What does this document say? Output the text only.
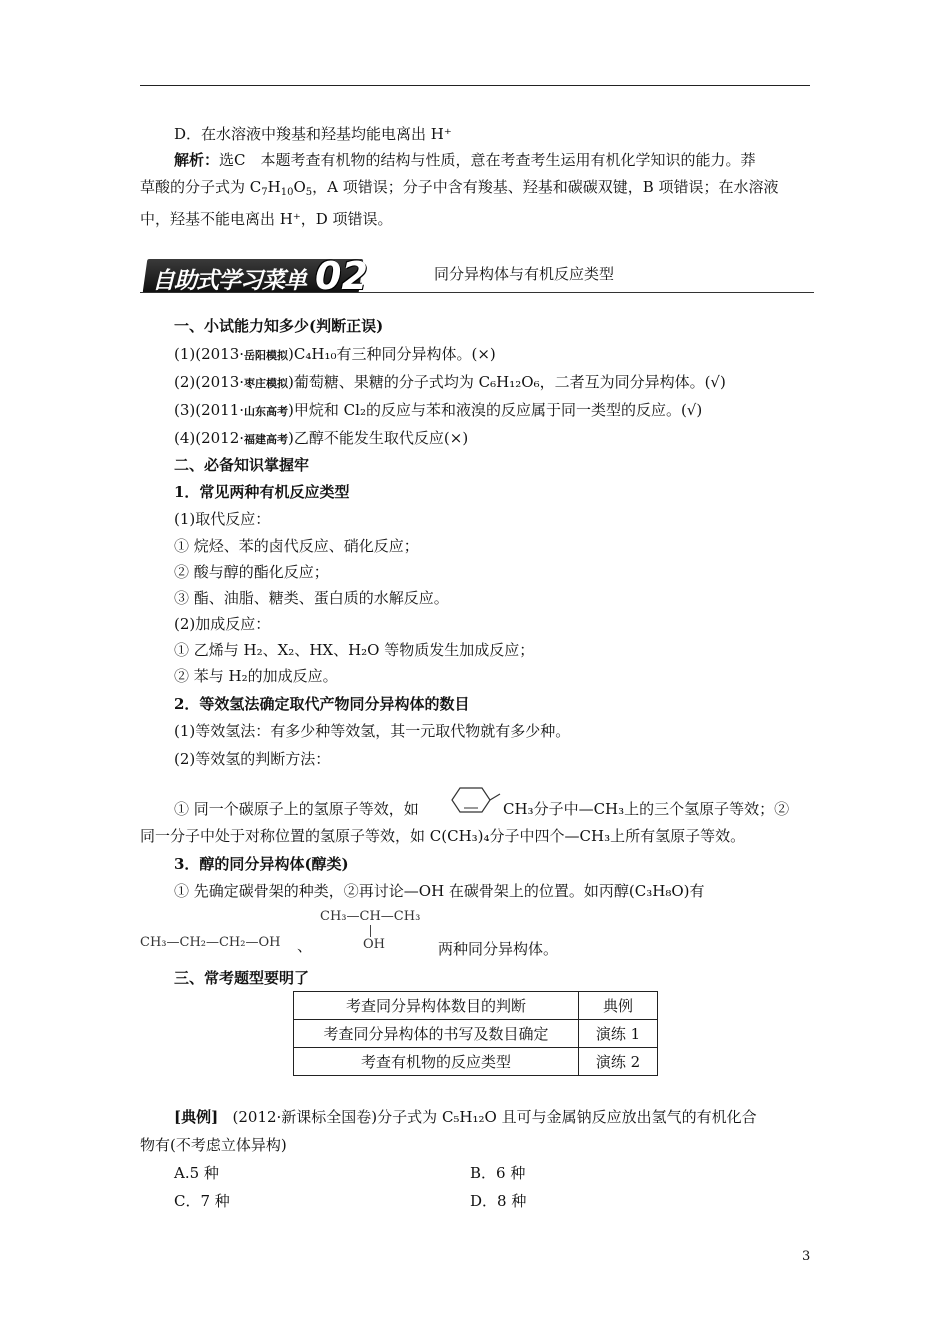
D．在水溶液中羧基和羟基均能电离出 H⁺
解析：选C　本题考查有机物的结构与性质，意在考查考生运用有机化学知识的能力。莽
草酸的分子式为 $C_7H_{10}O_5$，A 项错误；分子中含有羧基、羟基和碳碳双键，B 项错误；在水溶液
中，羟基不能电离出 H⁺，D 项错误。
自助式学习菜单 02	同分异构体与有机反应类型
一、小试能力知多少(判断正误)
(1)(2013·岳阳模拟)C₄H₁₀有三种同分异构体。(×)
(2)(2013·枣庄模拟)葡萄糖、果糖的分子式均为 C₆H₁₂O₆，二者互为同分异构体。(√)
(3)(2011·山东高考)甲烷和 Cl₂的反应与苯和液溴的反应属于同一类型的反应。(√)
(4)(2012·福建高考)乙醇不能发生取代反应(×)
二、必备知识掌握牢
1．常见两种有机反应类型
(1)取代反应：
① 烷烃、苯的卤代反应、硝化反应；
② 酸与醇的酯化反应；
③ 酯、油脂、糖类、蛋白质的水解反应。
(2)加成反应：
① 乙烯与 H₂、X₂、HX、H₂O 等物质发生加成反应；
② 苯与 H₂的加成反应。
2．等效氢法确定取代产物同分异构体的数目
(1)等效氢法：有多少种等效氢，其一元取代物就有多少种。
(2)等效氢的判断方法：
① 同一个碳原子上的氢原子等效，如	CH₃分子中—CH₃上的三个氢原子等效；②
同一分子中处于对称位置的氢原子等效，如 C(CH₃)₄分子中四个—CH₃上所有氢原子等效。
3．醇的同分异构体(醇类)
① 先确定碳骨架的种类，②再讨论—OH 在碳骨架上的位置。如丙醇(C₃H₈O)有
CH₃—CH₂—CH₂—OH 、
CH₃—CH—CH₃
OH	两种同分异构体。
三、常考题型要明了
考查同分异构体数目的判断	典例
考查同分异构体的书写及数目确定	演练 1
考查有机物的反应类型	演练 2
[典例] (2012·新课标全国卷)分子式为 C₅H₁₂O 且可与金属钠反应放出氢气的有机化合
物有(不考虑立体异构)
A.5 种	B．6 种
C．7 种	D．8 种
3
